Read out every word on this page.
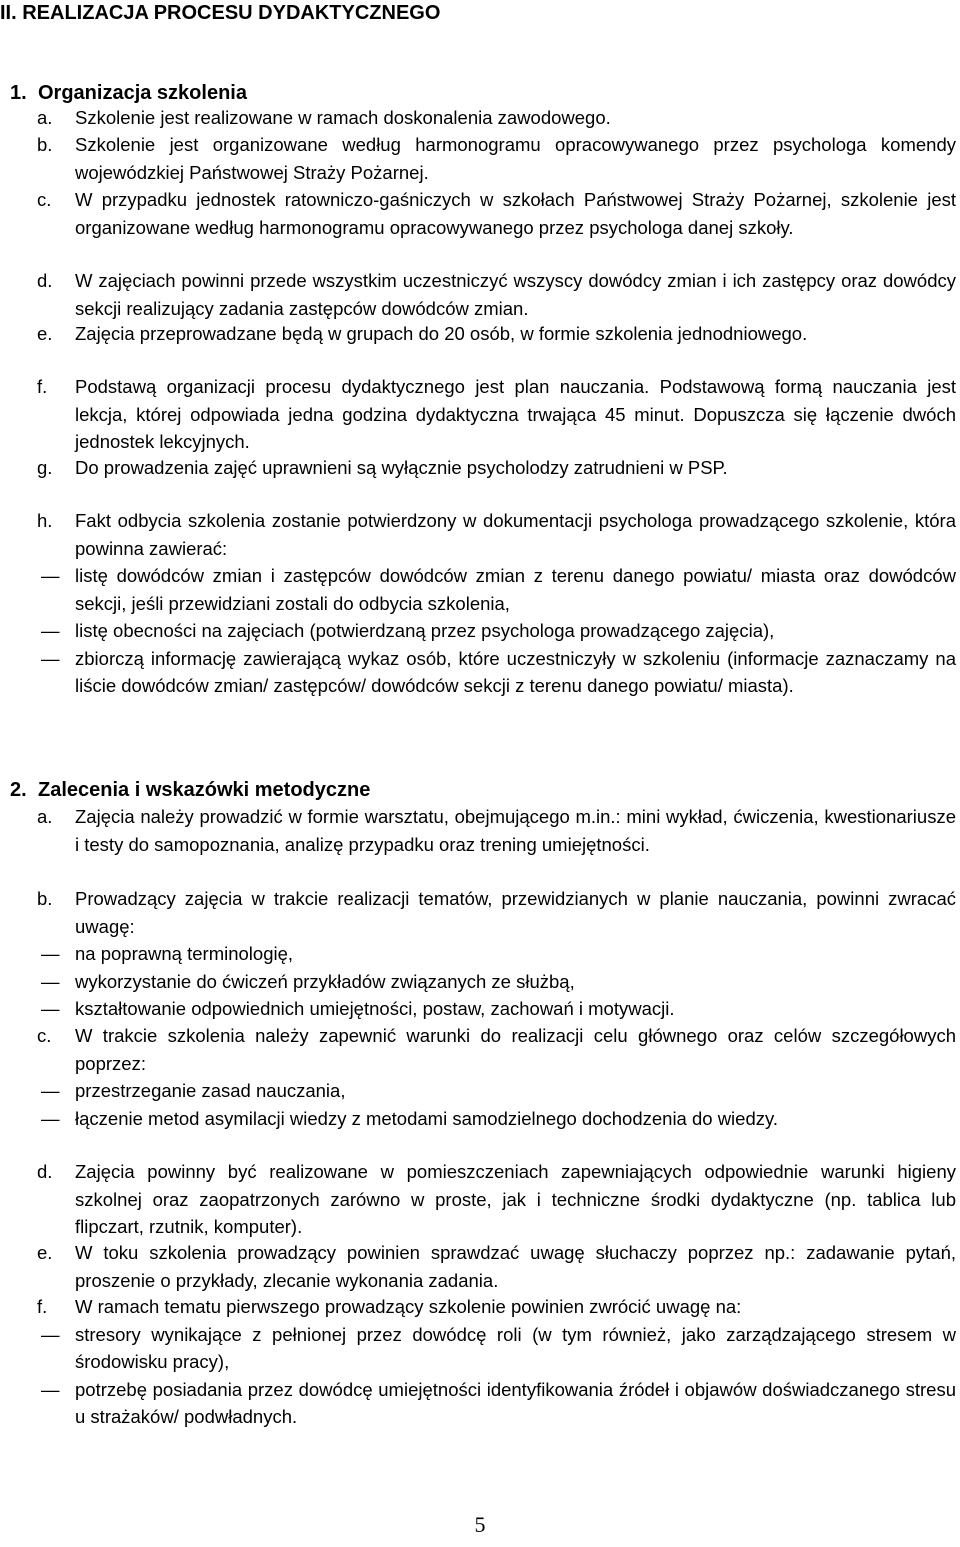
II. REALIZACJA PROCESU DYDAKTYCZNEGO
1. Organizacja szkolenia
a. Szkolenie jest realizowane w ramach doskonalenia zawodowego.
b. Szkolenie jest organizowane według harmonogramu opracowywanego przez psychologa komendy wojewódzkiej Państwowej Straży Pożarnej.
c. W przypadku jednostek ratowniczo-gaśniczych w szkołach Państwowej Straży Pożarnej, szkolenie jest organizowane według harmonogramu opracowywanego przez psychologa danej szkoły.
d. W zajęciach powinni przede wszystkim uczestniczyć wszyscy dowódcy zmian i ich zastępcy oraz dowódcy sekcji realizujący zadania zastępców dowódców zmian.
e. Zajęcia przeprowadzane będą w grupach do 20 osób, w formie szkolenia jednodniowego.
f. Podstawą organizacji procesu dydaktycznego jest plan nauczania. Podstawową formą nauczania jest lekcja, której odpowiada jedna godzina dydaktyczna trwająca 45 minut. Dopuszcza się łączenie dwóch jednostek lekcyjnych.
g. Do prowadzenia zajęć uprawnieni są wyłącznie psycholodzy zatrudnieni w PSP.
h. Fakt odbycia szkolenia zostanie potwierdzony w dokumentacji psychologa prowadzącego szkolenie, która powinna zawierać:
— listę dowódców zmian i zastępców dowódców zmian z terenu danego powiatu/ miasta oraz dowódców sekcji, jeśli przewidziani zostali do odbycia szkolenia,
— listę obecności na zajęciach (potwierdzaną przez psychologa prowadzącego zajęcia),
— zbiorczą informację zawierającą wykaz osób, które uczestniczyły w szkoleniu (informacje zaznaczamy na liście dowódców zmian/ zastępców/ dowódców sekcji z terenu danego powiatu/ miasta).
2. Zalecenia i wskazówki metodyczne
a. Zajęcia należy prowadzić w formie warsztatu, obejmującego m.in.: mini wykład, ćwiczenia, kwestionariusze i testy do samopoznania, analizę przypadku oraz trening umiejętności.
b. Prowadzący zajęcia w trakcie realizacji tematów, przewidzianych w planie nauczania, powinni zwracać uwagę:
— na poprawną terminologię,
— wykorzystanie do ćwiczeń przykładów związanych ze służbą,
— kształtowanie odpowiednich umiejętności, postaw, zachowań i motywacji.
c. W trakcie szkolenia należy zapewnić warunki do realizacji celu głównego oraz celów szczegółowych poprzez:
— przestrzeganie zasad nauczania,
— łączenie metod asymilacji wiedzy z metodami samodzielnego dochodzenia do wiedzy.
d. Zajęcia powinny być realizowane w pomieszczeniach zapewniających odpowiednie warunki higieny szkolnej oraz zaopatrzonych zarówno w proste, jak i techniczne środki dydaktyczne (np. tablica lub flipczart, rzutnik, komputer).
e. W toku szkolenia prowadzący powinien sprawdzać uwagę słuchaczy poprzez np.: zadawanie pytań, proszenie o przykłady, zlecanie wykonania zadania.
f. W ramach tematu pierwszego prowadzący szkolenie powinien zwrócić uwagę na:
— stresory wynikające z pełnionej przez dowódcę roli (w tym również, jako zarządzającego stresem w środowisku pracy),
— potrzebę posiadania przez dowódcę umiejętności identyfikowania źródeł i objawów doświadczanego stresu u strażaków/ podwładnych.
5
